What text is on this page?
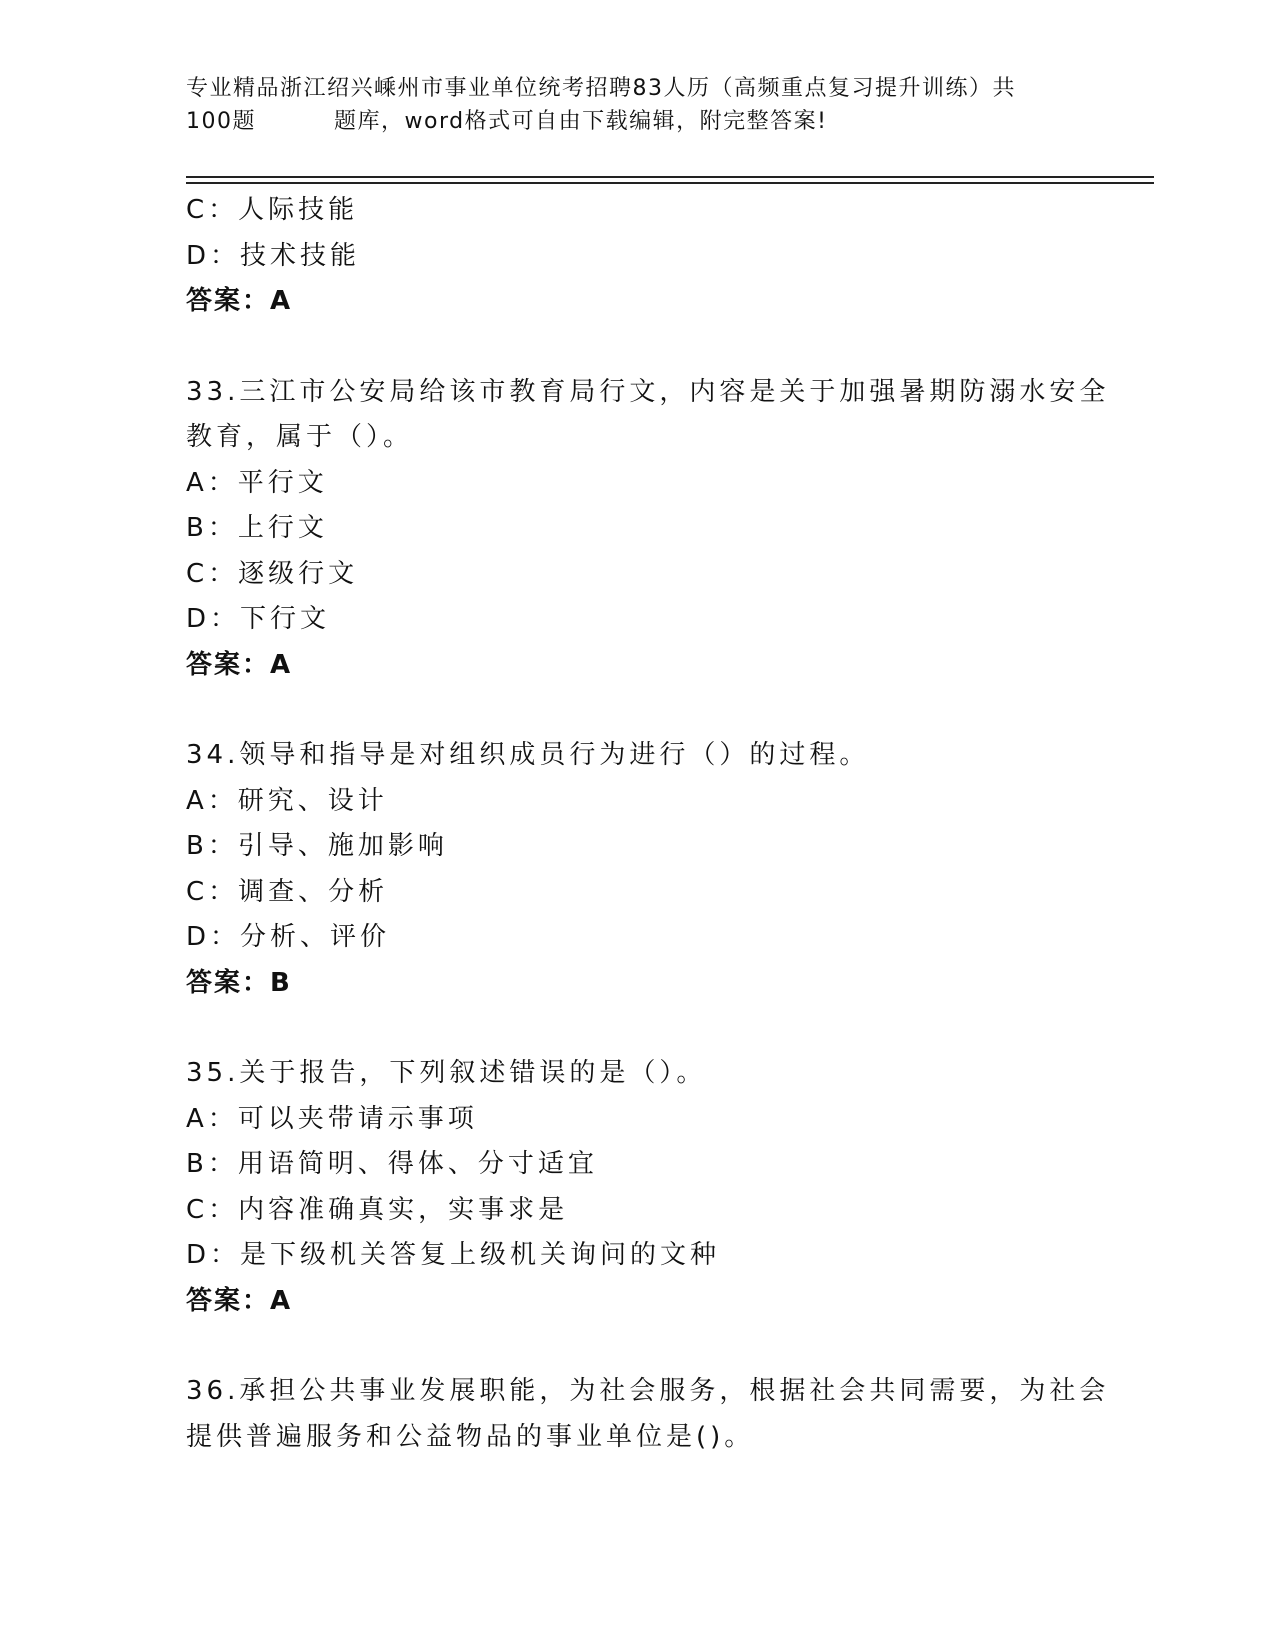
专业精品浙江绍兴嵊州市事业单位统考招聘83人历（高频重点复习提升训练）共
100题	题库，word格式可自由下载编辑，附完整答案!
C：人际技能
D：技术技能
答案：A
33.三江市公安局给该市教育局行文，内容是关于加强暑期防溺水安全
教育，属于（）。
A：平行文
B：上行文
C：逐级行文
D：下行文
答案：A
34.领导和指导是对组织成员行为进行（）的过程。
A：研究、设计
B：引导、施加影响
C：调查、分析
D：分析、评价
答案：B
35.关于报告，下列叙述错误的是（）。
A：可以夹带请示事项
B：用语简明、得体、分寸适宜
C：内容准确真实，实事求是
D：是下级机关答复上级机关询问的文种
答案：A
36.承担公共事业发展职能，为社会服务，根据社会共同需要，为社会
提供普遍服务和公益物品的事业单位是()。
